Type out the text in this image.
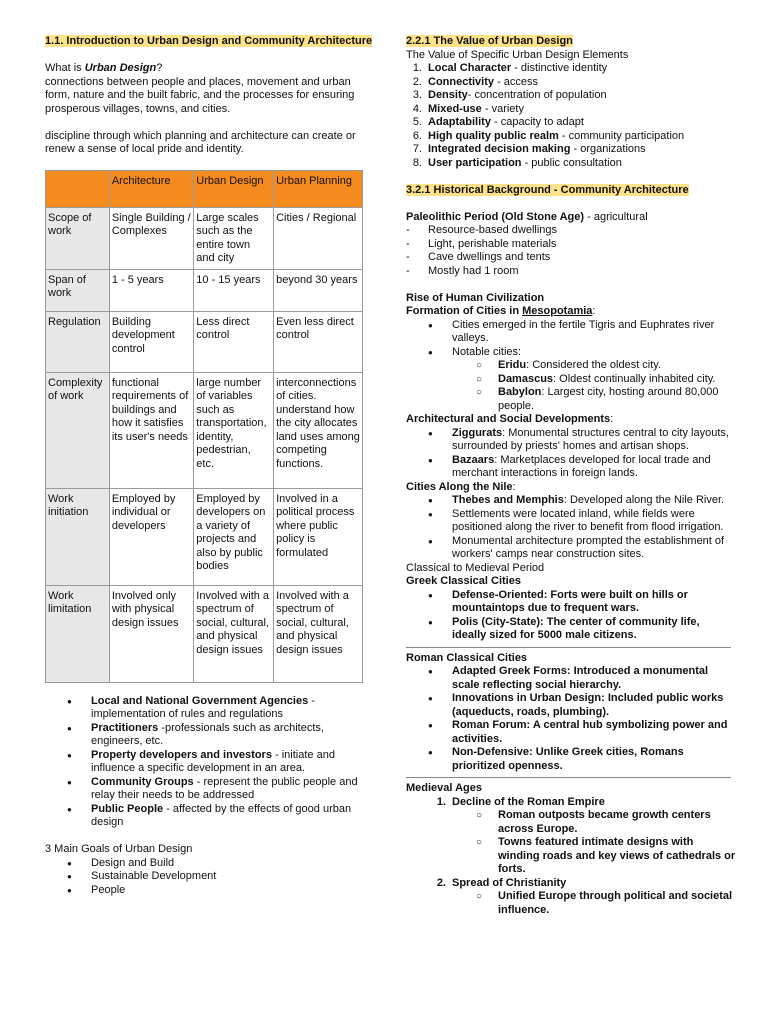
1.1. Introduction to Urban Design and Community Architecture

What is Urban Design?

connections between people and places, movement and urban form, nature and the built fabric, and the processes for ensuring prosperous villages, towns, and cities.

discipline through which planning and architecture can create or renew a sense of local pride and identity.

	Architecture	Urban Design	Urban Planning
Scope of work	Single Building / Complexes	Large scales such as the entire town and city	Cities / Regional
Span of work	1 - 5 years	10 - 15 years	beyond 30 years
Regulation	Building development control	Less direct control	Even less direct control
Complexity of work	functional requirements of buildings and how it satisfies its user's needs	large number of variables such as transportation, identity, pedestrian, etc.	interconnections of cities. understand how the city allocates land uses among competing functions.
Work initiation	Employed by individual or developers	Employed by developers on a variety of projects and also by public bodies	Involved in a political process where public policy is formulated
Work limitation	Involved only with physical design issues	Involved with a spectrum of social, cultural, and physical design issues	Involved with a spectrum of social, cultural, and physical design issues
● Local and National Government Agencies - implementation of rules and regulations
● Practitioners -professionals such as architects, engineers, etc.
● Property developers and investors - initiate and influence a specific development in an area.
● Community Groups - represent the public people and relay their needs to be addressed
● Public People - affected by the effects of good urban design

3 Main Goals of Urban Design

● Design and Build
● Sustainable Development
● People

2.2.1 The Value of Urban Design

The Value of Specific Urban Design Elements

1. Local Character - distinctive identity
2. Connectivity - access
3. Density- concentration of population
4. Mixed-use - variety
5. Adaptability - capacity to adapt
6. High quality public realm - community participation
7. Integrated decision making - organizations
8. User participation - public consultation

3.2.1 Historical Background - Community Architecture

Paleolithic Period (Old Stone Age) - agricultural

- Resource-based dwellings
- Light, perishable materials
- Cave dwellings and tents
- Mostly had 1 room

Rise of Human Civilization

Formation of Cities in Mesopotamia:

● Cities emerged in the fertile Tigris and Euphrates river valleys.
● Notable cities:
○ Eridu: Considered the oldest city.
○ Damascus: Oldest continually inhabited city.
○ Babylon: Largest city, hosting around 80,000 people.

Architectural and Social Developments:

● Ziggurats: Monumental structures central to city layouts, surrounded by priests' homes and artisan shops.
● Bazaars: Marketplaces developed for local trade and merchant interactions in foreign lands.

Cities Along the Nile:

● Thebes and Memphis: Developed along the Nile River.
● Settlements were located inland, while fields were positioned along the river to benefit from flood irrigation.
● Monumental architecture prompted the establishment of workers' camps near construction sites.

Classical to Medieval Period

Greek Classical Cities

● Defense-Oriented: Forts were built on hills or mountaintops due to frequent wars.
● Polis (City-State): The center of community life, ideally sized for 5000 male citizens.

Roman Classical Cities

● Adapted Greek Forms: Introduced a monumental scale reflecting social hierarchy.
● Innovations in Urban Design: Included public works (aqueducts, roads, plumbing).
● Roman Forum: A central hub symbolizing power and activities.
● Non-Defensive: Unlike Greek cities, Romans prioritized openness.

Medieval Ages

1. Decline of the Roman Empire
○ Roman outposts became growth centers across Europe.
○ Towns featured intimate designs with winding roads and key views of cathedrals or forts.
2. Spread of Christianity
○ Unified Europe through political and societal influence.
